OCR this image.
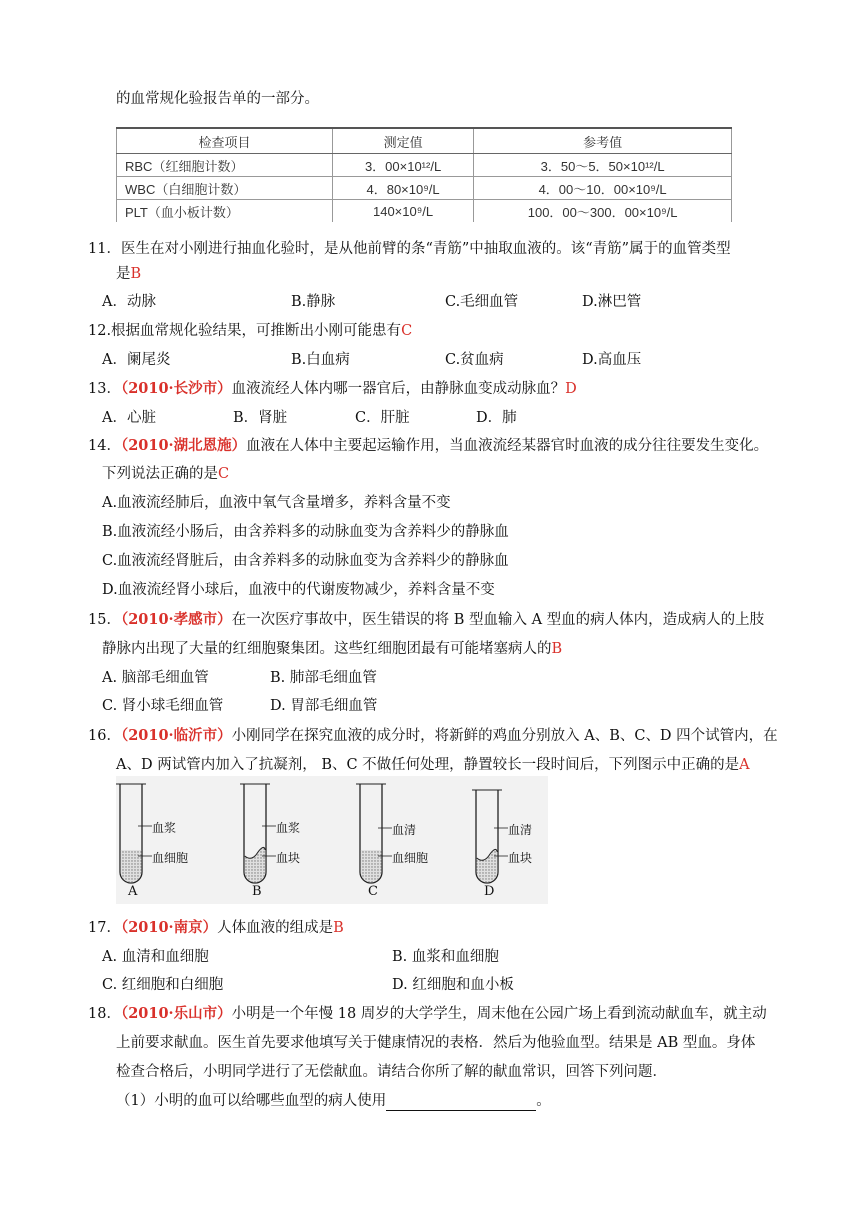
的血常规化验报告单的一部分。
检查项目	测定值	参考值
RBC（红细胞计数）	3．00×10¹²/L	3．50～5．50×10¹²/L
WBC（白细胞计数）	4．80×10⁹/L	4．00～10．00×10⁹/L
PLT（血小板计数）	140×10⁹/L	100．00～300．00×10⁹/L
11．医生在对小刚进行抽血化验时，是从他前臂的条“青筋”中抽取血液的。该“青筋”属于的血管类型
是B
A．动脉	B.静脉	C.毛细血管	D.淋巴管
12.根据血常规化验结果，可推断出小刚可能患有C
A．阑尾炎	B.白血病	C.贫血病	D.高血压
13．（2010·长沙市）血液流经人体内哪一器官后，由静脉血变成动脉血？D
A．心脏	B．肾脏	C．肝脏	D．肺
14．（2010·湖北恩施）血液在人体中主要起运输作用，当血液流经某器官时血液的成分往往要发生变化。
下列说法正确的是C
A.血液流经肺后，血液中氧气含量增多，养料含量不变
B.血液流经小肠后，由含养料多的动脉血变为含养料少的静脉血
C.血液流经肾脏后，由含养料多的动脉血变为含养料少的静脉血
D.血液流经肾小球后，血液中的代谢废物减少，养料含量不变
15．（2010·孝感市）在一次医疗事故中，医生错误的将 B 型血输入 A 型血的病人体内，造成病人的上肢
静脉内出现了大量的红细胞聚集团。这些红细胞团最有可能堵塞病人的B
A. 脑部毛细血管	B. 肺部毛细血管
C. 肾小球毛细血管	D. 胃部毛细血管
16．（2010·临沂市）小刚同学在探究血液的成分时，将新鲜的鸡血分别放入 A、B、C、D 四个试管内，在
A、D 两试管内加入了抗凝剂， B、C 不做任何处理，静置较长一段时间后，下列图示中正确的是A
血浆
血细胞
A
血浆
血块
B
血清
血细胞
C
血清
血块
D
17．（2010·南京）人体血液的组成是B
A. 血清和血细胞	B. 血浆和血细胞
C. 红细胞和白细胞	D. 红细胞和血小板
18．（2010·乐山市）小明是一个年慢 18 周岁的大学学生，周末他在公园广场上看到流动献血车，就主动
上前要求献血。医生首先要求他填写关于健康情况的表格．然后为他验血型。结果是 AB 型血。身体
检查合格后，小明同学进行了无偿献血。请结合你所了解的献血常识，回答下列问题．
（1）小明的血可以给哪些血型的病人使用	。
